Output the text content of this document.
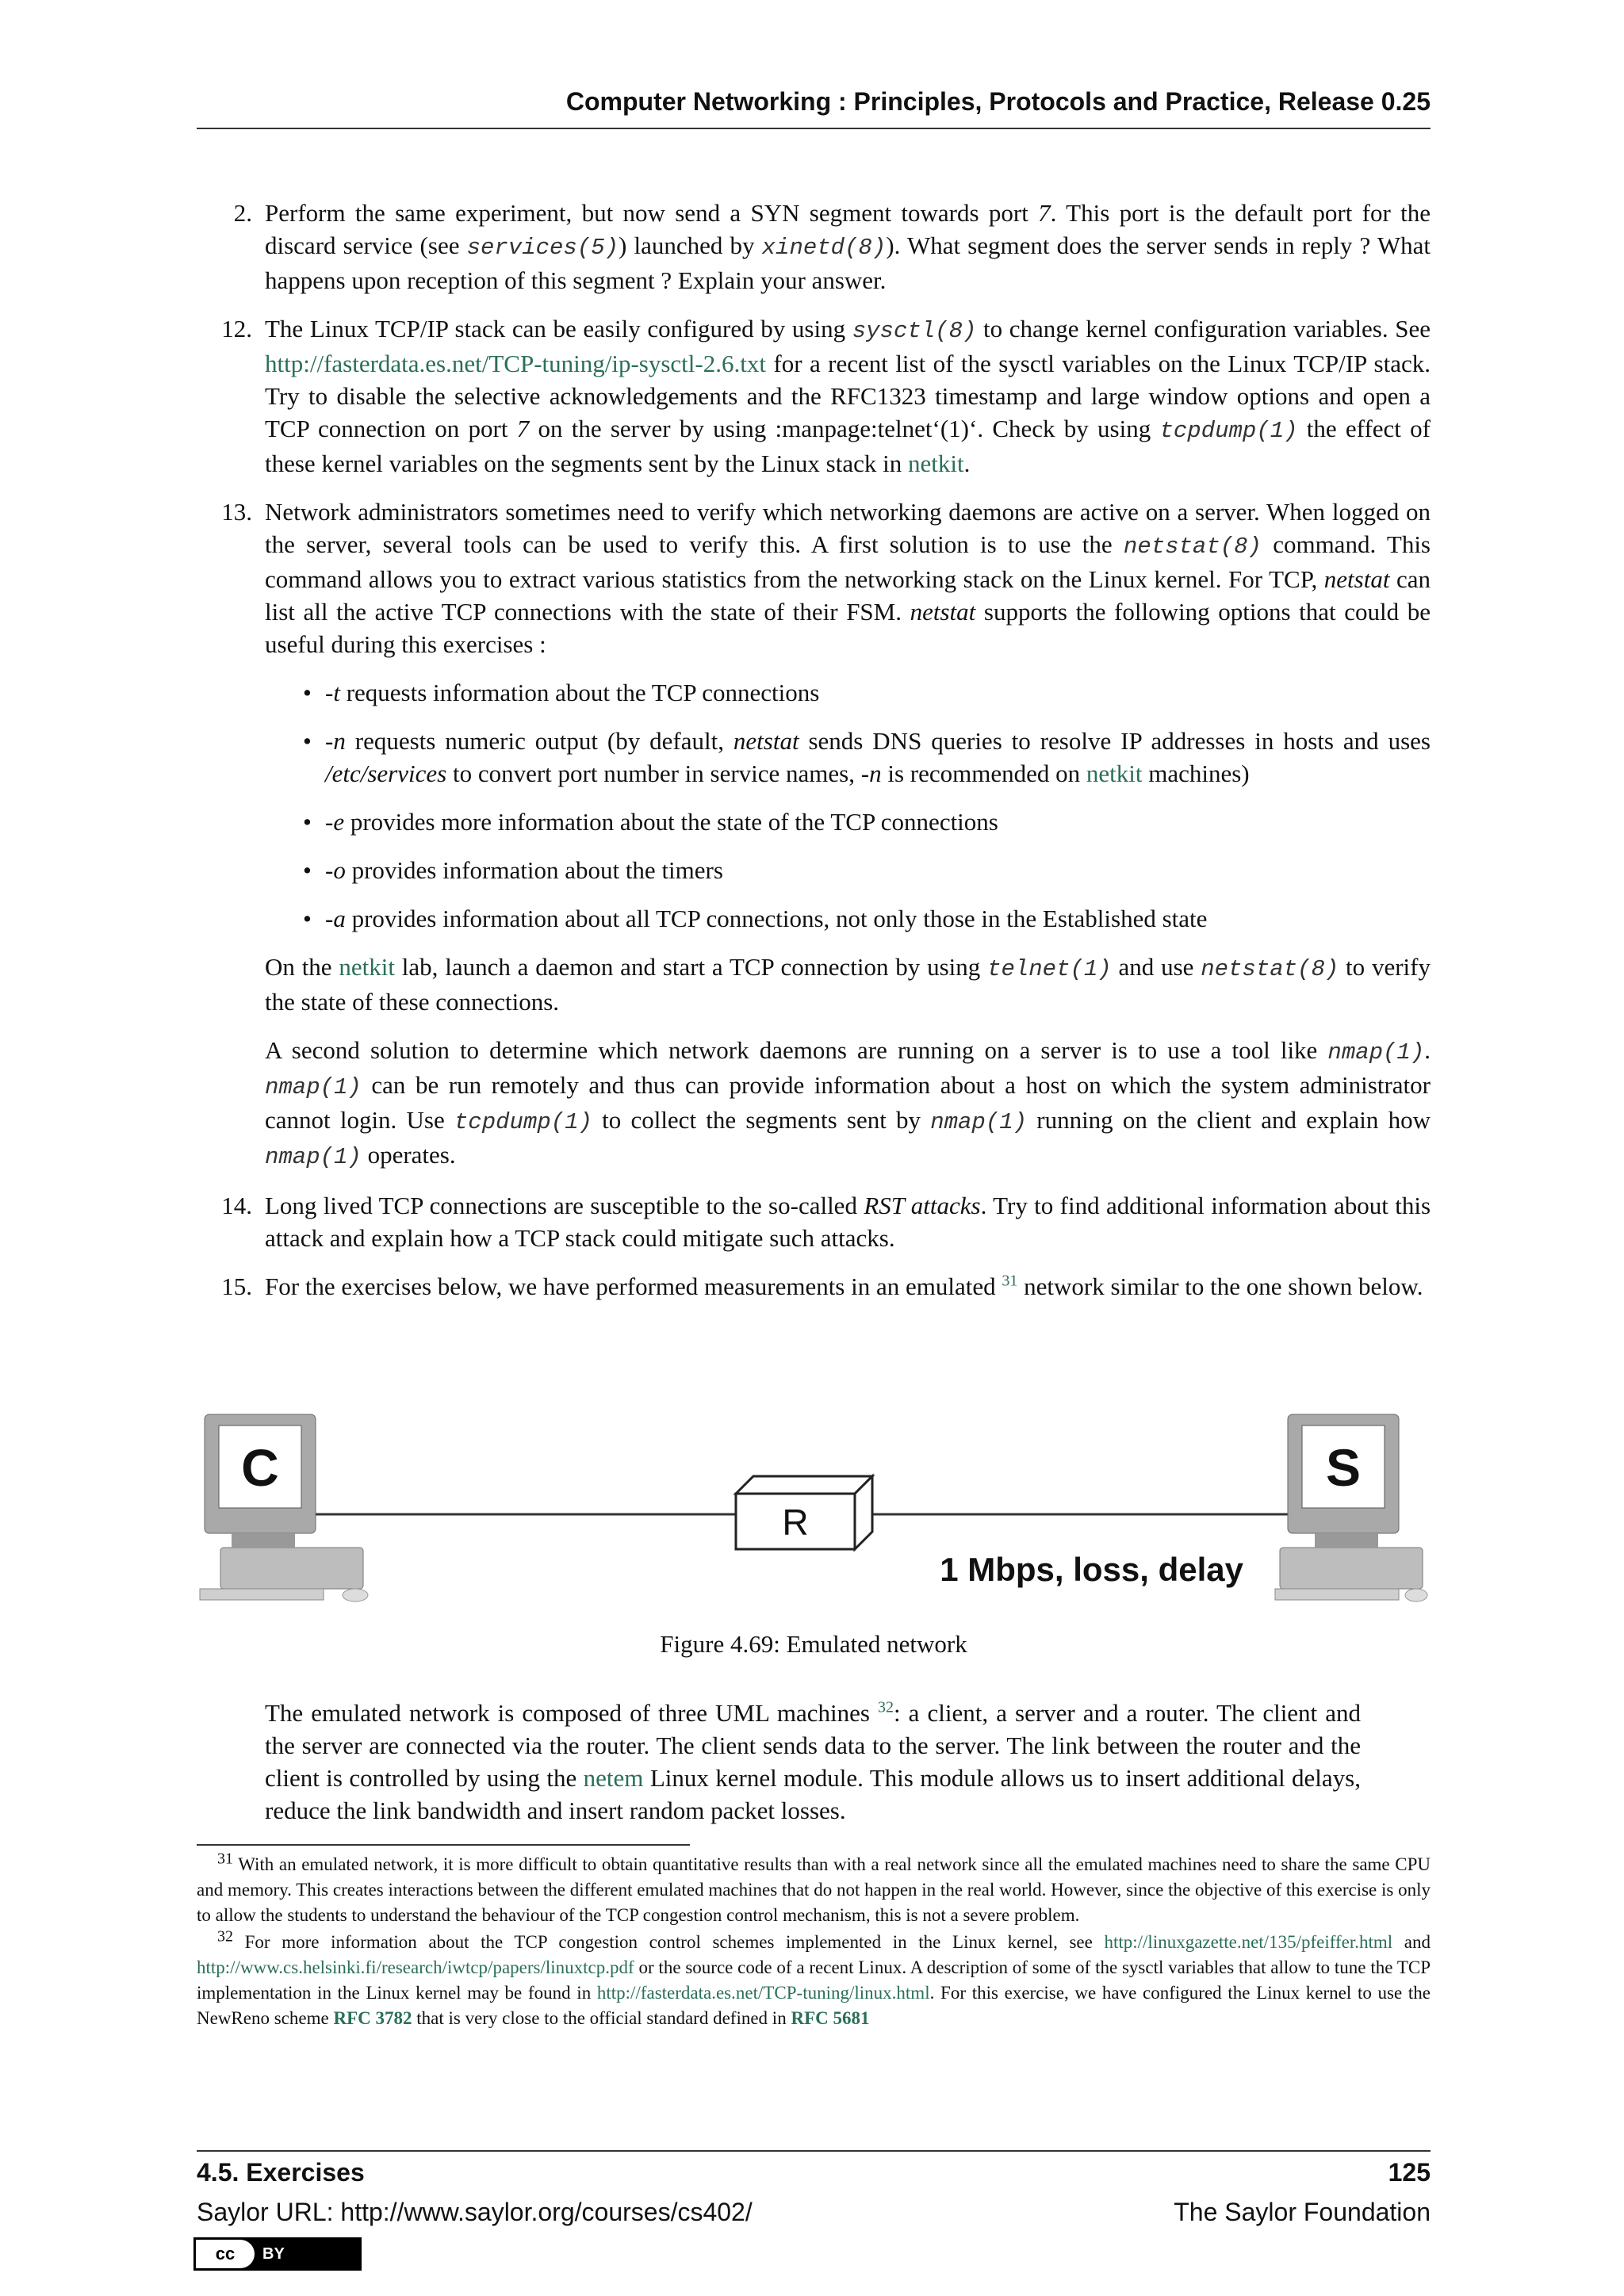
Computer Networking : Principles, Protocols and Practice, Release 0.25
2. Perform the same experiment, but now send a SYN segment towards port 7. This port is the default port for the discard service (see services(5)) launched by xinetd(8)). What segment does the server sends in reply ? What happens upon reception of this segment ? Explain your answer.
12. The Linux TCP/IP stack can be easily configured by using sysctl(8) to change kernel configuration variables. See http://fasterdata.es.net/TCP-tuning/ip-sysctl-2.6.txt for a recent list of the sysctl variables on the Linux TCP/IP stack. Try to disable the selective acknowledgements and the RFC1323 timestamp and large window options and open a TCP connection on port 7 on the server by using :manpage:telnet‘(1)‘. Check by using tcpdump(1) the effect of these kernel variables on the segments sent by the Linux stack in netkit.
13. Network administrators sometimes need to verify which networking daemons are active on a server. When logged on the server, several tools can be used to verify this. A first solution is to use the netstat(8) command. This command allows you to extract various statistics from the networking stack on the Linux kernel. For TCP, netstat can list all the active TCP connections with the state of their FSM. netstat supports the following options that could be useful during this exercises :

• -t requests information about the TCP connections
• -n requests numeric output (by default, netstat sends DNS queries to resolve IP addresses in hosts and uses /etc/services to convert port number in service names, -n is recommended on netkit machines)
• -e provides more information about the state of the TCP connections
• -o provides information about the timers
• -a provides information about all TCP connections, not only those in the Established state

On the netkit lab, launch a daemon and start a TCP connection by using telnet(1) and use netstat(8) to verify the state of these connections.

A second solution to determine which network daemons are running on a server is to use a tool like nmap(1). nmap(1) can be run remotely and thus can provide information about a host on which the system administrator cannot login. Use tcpdump(1) to collect the segments sent by nmap(1) running on the client and explain how nmap(1) operates.

14. Long lived TCP connections are susceptible to the so-called RST attacks. Try to find additional information about this attack and explain how a TCP stack could mitigate such attacks.
15. For the exercises below, we have performed measurements in an emulated $^{31}$ network similar to the one shown below.
C
R
1 Mbps, loss, delay
S
Figure 4.69: Emulated network
The emulated network is composed of three UML machines $^{32}$: a client, a server and a router. The client and the server are connected via the router. The client sends data to the server. The link between the router and the client is controlled by using the netem Linux kernel module. This module allows us to insert additional delays, reduce the link bandwidth and insert random packet losses.

$^{31}$ With an emulated network, it is more difficult to obtain quantitative results than with a real network since all the emulated machines need to share the same CPU and memory. This creates interactions between the different emulated machines that do not happen in the real world. However, since the objective of this exercise is only to allow the students to understand the behaviour of the TCP congestion control mechanism, this is not a severe problem.

$^{32}$ For more information about the TCP congestion control schemes implemented in the Linux kernel, see http://linuxgazette.net/135/pfeiffer.html and http://www.cs.helsinki.fi/research/iwtcp/papers/linuxtcp.pdf or the source code of a recent Linux. A description of some of the sysctl variables that allow to tune the TCP implementation in the Linux kernel may be found in http://fasterdata.es.net/TCP-tuning/linux.html. For this exercise, we have configured the Linux kernel to use the NewReno scheme RFC 3782 that is very close to the official standard defined in RFC 5681

4.5. Exercises	125
Saylor URL: http://www.saylor.org/courses/cs402/	The Saylor Foundation
cc	BY
